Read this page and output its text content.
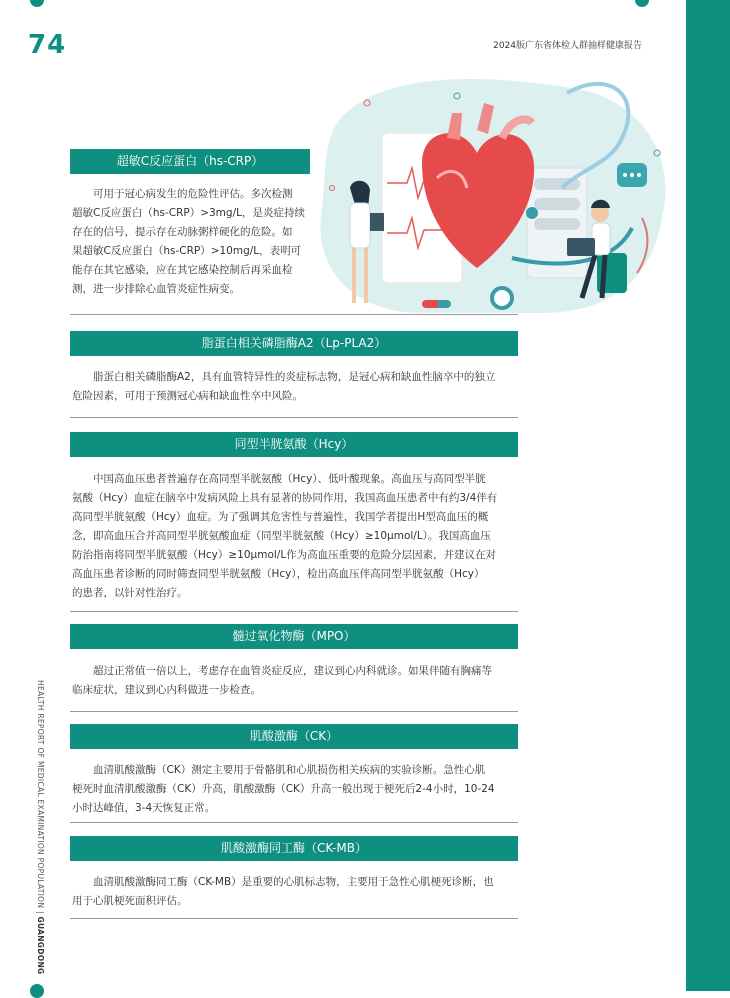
74	2024版广东省体检人群抽样健康报告
HEALTH REPORT OF MEDICAL EXAMINATION POPULATION | GUANGDONG
超敏C反应蛋白（hs-CRP）
可用于冠心病发生的危险性评估。多次检测
超敏C反应蛋白（hs-CRP）>3mg/L，是炎症持续
存在的信号，提示存在动脉粥样硬化的危险。如
果超敏C反应蛋白（hs-CRP）>10mg/L，表明可
能存在其它感染，应在其它感染控制后再采血检
测，进一步排除心血管炎症性病变。
脂蛋白相关磷脂酶A2（Lp-PLA2）
脂蛋白相关磷脂酶A2，具有血管特异性的炎症标志物，是冠心病和缺血性脑卒中的独立
危险因素，可用于预测冠心病和缺血性卒中风险。
同型半胱氨酸（Hcy）
中国高血压患者普遍存在高同型半胱氨酸（Hcy）、低叶酸现象。高血压与高同型半胱
氨酸（Hcy）血症在脑卒中发病风险上具有显著的协同作用，我国高血压患者中有约3/4伴有
高同型半胱氨酸（Hcy）血症。为了强调其危害性与普遍性，我国学者提出H型高血压的概
念，即高血压合并高同型半胱氨酸血症（同型半胱氨酸（Hcy）≥10μmol/L）。我国高血压
防治指南将同型半胱氨酸（Hcy）≥10μmol/L作为高血压重要的危险分层因素，并建议在对
高血压患者诊断的同时筛查同型半胱氨酸（Hcy），检出高血压伴高同型半胱氨酸（Hcy）
的患者，以针对性治疗。
髓过氧化物酶（MPO）
超过正常值一倍以上，考虑存在血管炎症反应，建议到心内科就诊。如果伴随有胸痛等
临床症状，建议到心内科做进一步检查。
肌酸激酶（CK）
血清肌酸激酶（CK）测定主要用于骨骼肌和心肌损伤相关疾病的实验诊断。急性心肌
梗死时血清肌酸激酶（CK）升高，肌酸激酶（CK）升高一般出现于梗死后2-4小时，10-24
小时达峰值，3-4天恢复正常。
肌酸激酶同工酶（CK-MB）
血清肌酸激酶同工酶（CK-MB）是重要的心肌标志物，主要用于急性心肌梗死诊断，也
用于心肌梗死面积评估。
